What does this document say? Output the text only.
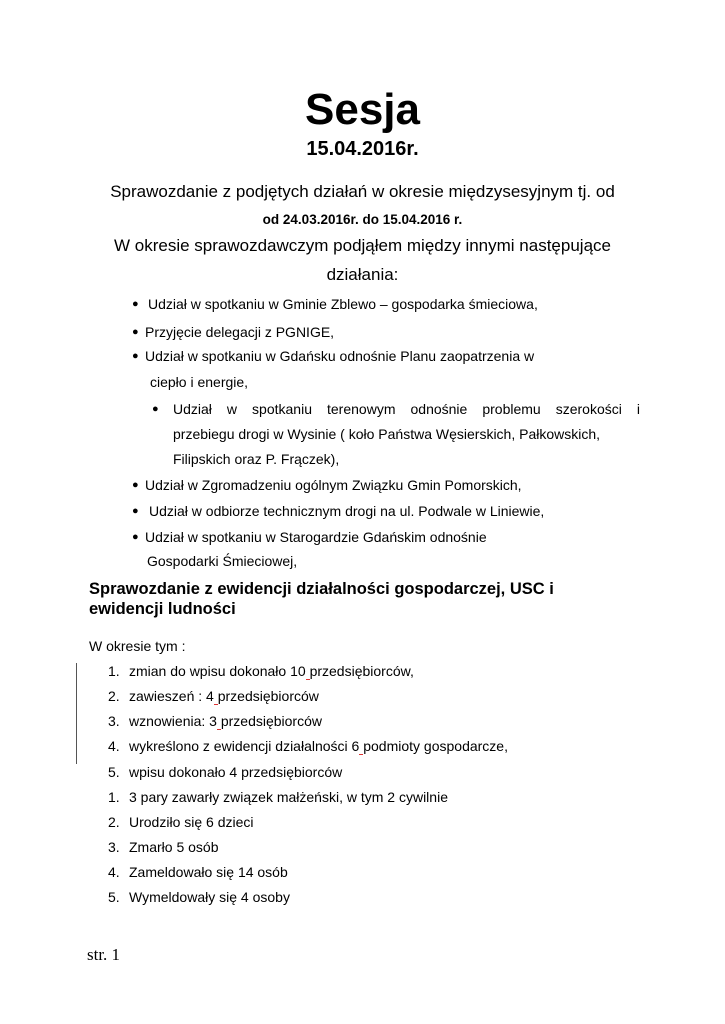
Sesja
15.04.2016r.
Sprawozdanie z podjętych działań w okresie międzysesyjnym tj. od
od 24.03.2016r. do 15.04.2016 r.
W okresie sprawozdawczym podjąłem między innymi następujące
działania:
● Udział w spotkaniu w Gminie Zblewo – gospodarka śmieciowa,
● Przyjęcie delegacji z PGNIGE,
● Udział w spotkaniu w Gdańsku odnośnie Planu zaopatrzenia w
ciepło i energie,
● Udział w spotkaniu terenowym odnośnie problemu szerokości i
przebiegu drogi w Wysinie ( koło Państwa Węsierskich, Pałkowskich,
Filipskich oraz P. Frączek),
● Udział w Zgromadzeniu ogólnym Związku Gmin Pomorskich,
● Udział w odbiorze technicznym drogi na ul. Podwale w Liniewie,
● Udział w spotkaniu w Starogardzie Gdańskim odnośnie
Gospodarki Śmieciowej,
Sprawozdanie z ewidencji działalności gospodarczej, USC i
ewidencji ludności
W okresie tym :
1. zmian do wpisu dokonało 10 przedsiębiorców,
2. zawieszeń : 4 przedsiębiorców
3. wznowienia: 3 przedsiębiorców
4. wykreślono z ewidencji działalności 6 podmioty gospodarcze,
5. wpisu dokonało 4 przedsiębiorców
1. 3 pary zawarły związek małżeński, w tym 2 cywilnie
2. Urodziło się 6 dzieci
3. Zmarło 5 osób
4. Zameldowało się 14 osób
5. Wymeldowały się 4 osoby
str. 1
